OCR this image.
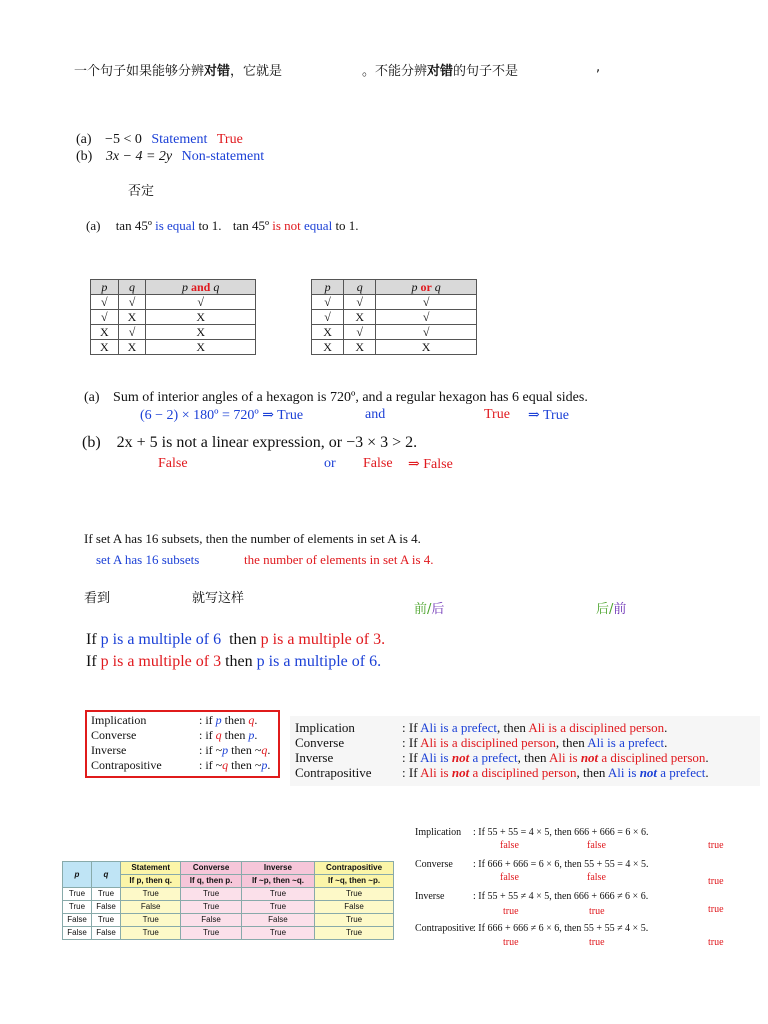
一个句子如果能够分辨对错，它就是	。不能分辨对错的句子不是	,
(a) −5 < 0 Statement True
(b) 3x − 4 = 2y Non-statement
否定
(a) tan 45º is equal to 1. tan 45º is not equal to 1.
p	q	p and q
√	√	√
√	X	X
X	√	X
X	X	X
p	q	p or q
√	√	√
√	X	√
X	√	√
X	X	X
(a) Sum of interior angles of a hexagon is 720º, and a regular hexagon has 6 equal sides.
(6 − 2) × 180º = 720º ⇒ True	and	True ⇒ True
(b) 2x + 5 is not a linear expression, or −3 × 3 > 2.
False	or False ⇒ False
If set A has 16 subsets, then the number of elements in set A is 4.
set A has 16 subsets	the number of elements in set A is 4.
看到	就写这样
前/后	后/前
If p is a multiple of 6 then p is a multiple of 3.
If p is a multiple of 3 then p is a multiple of 6.
Implication	: if p then q.
Converse	: if q then p.
Inverse	: if ~p then ~q.
Contrapositive	: if ~q then ~p.
Implication	: If Ali is a prefect, then Ali is a disciplined person.
Converse	: If Ali is a disciplined person, then Ali is a prefect.
Inverse	: If Ali is not a prefect, then Ali is not a disciplined person.
Contrapositive : If Ali is not a disciplined person, then Ali is not a prefect.
p	q	Statement	Converse	Inverse	Contrapositive
		If p, then q.	If q, then p.	If ~p, then ~q.	If ~q, then ~p.
True	True	True	True	True	True
True	False	False	True	True	False
False	True	True	False	False	True
False	False	True	True	True	True
Implication : If 55 + 55 = 4 × 5, then 666 + 666 = 6 × 6.
false	false	true
Converse : If 666 + 666 = 6 × 6, then 55 + 55 = 4 × 5.
false	false	true
Inverse	: If 55 + 55 ≠ 4 × 5, then 666 + 666 ≠ 6 × 6.
true	true	true
Contrapositive : If 666 + 666 ≠ 6 × 6, then 55 + 55 ≠ 4 × 5.
true	true	true
